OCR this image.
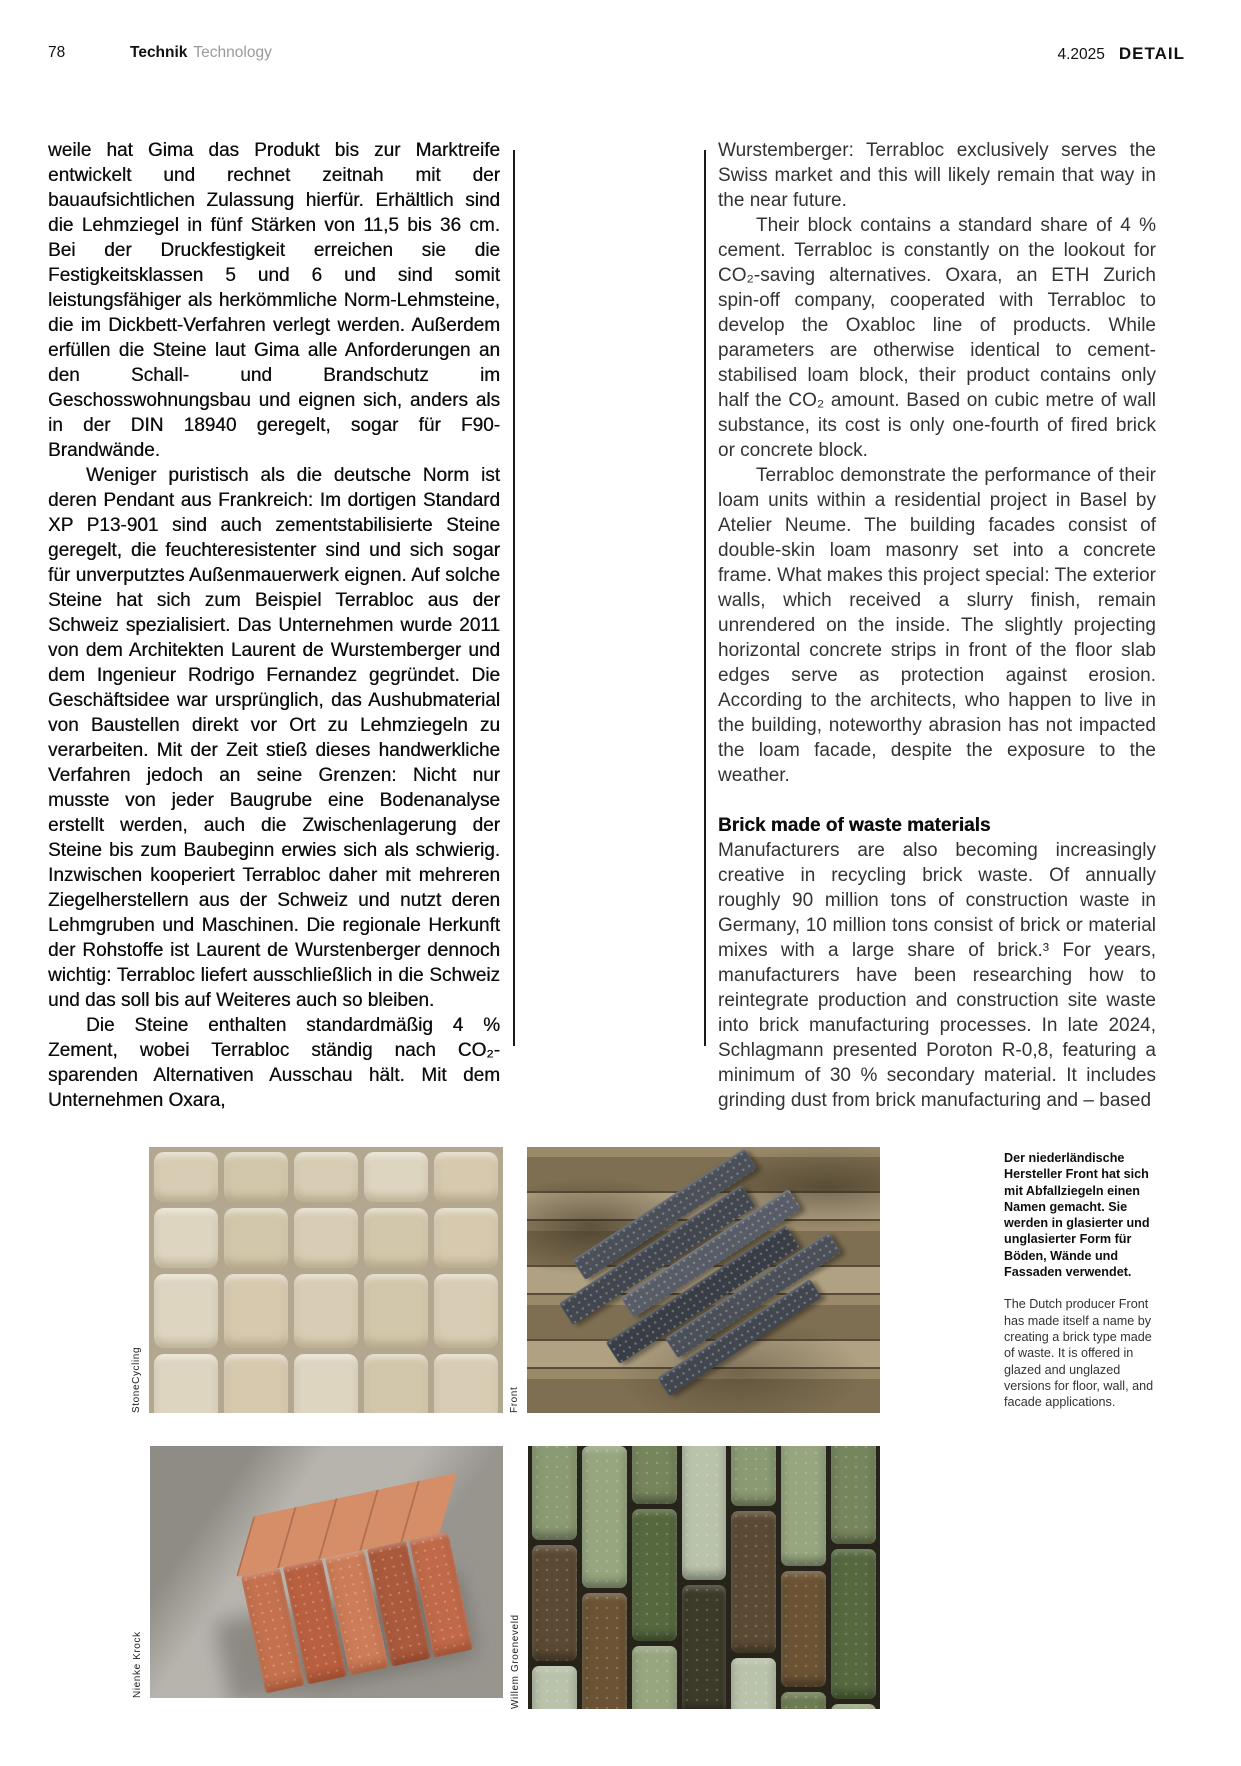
78	Technik Technology	4.2025 DETAIL

weile hat Gima das Produkt bis zur Marktreife entwickelt und rechnet zeitnah mit der bauaufsichtlichen Zulassung hierfür. Erhältlich sind die Lehmziegel in fünf Stärken von 11,5 bis 36 cm. Bei der Druckfestigkeit erreichen sie die Festigkeitsklassen 5 und 6 und sind somit leistungsfähiger als herkömmliche Norm-Lehmsteine, die im Dickbett-Verfahren verlegt werden. Außerdem erfüllen die Steine laut Gima alle Anforderungen an den Schall- und Brandschutz im Geschosswohnungsbau und eignen sich, anders als in der DIN 18940 geregelt, sogar für F90-Brandwände.

Weniger puristisch als die deutsche Norm ist deren Pendant aus Frankreich: Im dortigen Standard XP P13-901 sind auch zementstabilisierte Steine geregelt, die feuchteresistenter sind und sich sogar für unverputztes Außenmauerwerk eignen. Auf solche Steine hat sich zum Beispiel Terrabloc aus der Schweiz spezialisiert. Das Unternehmen wurde 2011 von dem Architekten Laurent de Wurstemberger und dem Ingenieur Rodrigo Fernandez gegründet. Die Geschäftsidee war ursprünglich, das Aushubmaterial von Baustellen direkt vor Ort zu Lehmziegeln zu verarbeiten. Mit der Zeit stieß dieses handwerkliche Verfahren jedoch an seine Grenzen: Nicht nur musste von jeder Baugrube eine Bodenanalyse erstellt werden, auch die Zwischenlagerung der Steine bis zum Baubeginn erwies sich als schwierig. Inzwischen kooperiert Terrabloc daher mit mehreren Ziegelherstellern aus der Schweiz und nutzt deren Lehmgruben und Maschinen. Die regionale Herkunft der Rohstoffe ist Laurent de Wurstenberger dennoch wichtig: Terrabloc liefert ausschließlich in die Schweiz und das soll bis auf Weiteres auch so bleiben.

Die Steine enthalten standardmäßig 4 % Zement, wobei Terrabloc ständig nach CO₂-sparenden Alternativen Ausschau hält. Mit dem Unternehmen Oxara,

Wurstemberger: Terrabloc exclusively serves the Swiss market and this will likely remain that way in the near future.

Their block contains a standard share of 4 % cement. Terrabloc is constantly on the lookout for CO₂-saving alternatives. Oxara, an ETH Zurich spin-off company, cooperated with Terrabloc to develop the Oxabloc line of products. While parameters are otherwise identical to cement-stabilised loam block, their product contains only half the CO₂ amount. Based on cubic metre of wall substance, its cost is only one-fourth of fired brick or concrete block.

Terrabloc demonstrate the performance of their loam units within a residential project in Basel by Atelier Neume. The building facades consist of double-skin loam masonry set into a concrete frame. What makes this project special: The exterior walls, which received a slurry finish, remain unrendered on the inside. The slightly projecting horizontal concrete strips in front of the floor slab edges serve as protection against erosion. According to the architects, who happen to live in the building, noteworthy abrasion has not impacted the loam facade, despite the exposure to the weather.

Brick made of waste materials

Manufacturers are also becoming increasingly creative in recycling brick waste. Of annually roughly 90 million tons of construction waste in Germany, 10 million tons consist of brick or material mixes with a large share of brick.³ For years, manufacturers have been researching how to reintegrate production and construction site waste into brick manufacturing processes. In late 2024, Schlagmann presented Poroton R-0,8, featuring a minimum of 30 % secondary material. It includes grinding dust from brick manufacturing and – based

StoneCycling	Front
Nienke Krock	Willem Groeneveld

Der niederländische Hersteller Front hat sich mit Abfallziegeln einen Namen gemacht. Sie werden in glasierter und unglasierter Form für Böden, Wände und Fassaden verwendet.

The Dutch producer Front has made itself a name by creating a brick type made of waste. It is offered in glazed and unglazed versions for floor, wall, and facade applications.
